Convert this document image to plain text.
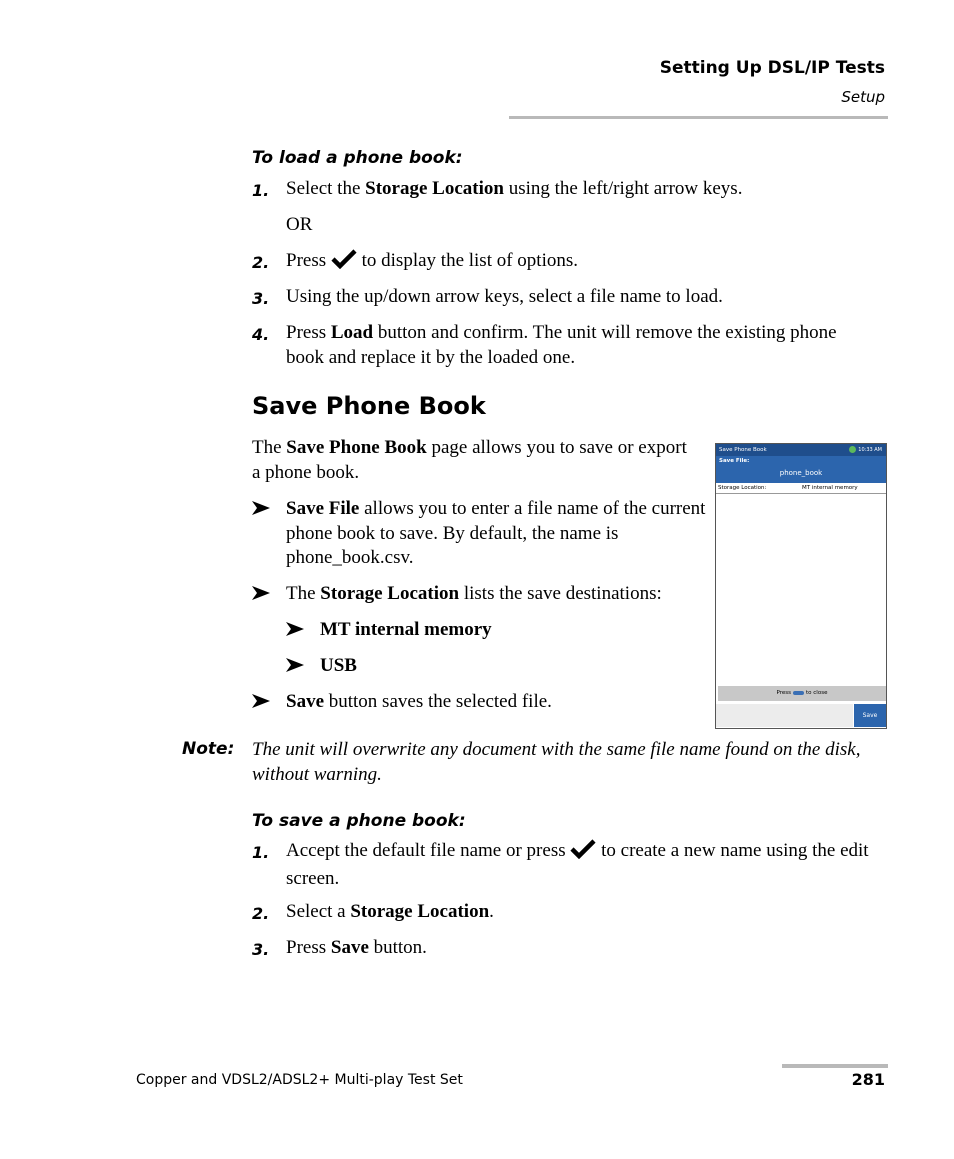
Setting Up DSL/IP Tests
Setup
To load a phone book:
1. Select the Storage Location using the left/right arrow keys.
OR
2. Press  to display the list of options.
3. Using the up/down arrow keys, select a file name to load.
4. Press Load button and confirm. The unit will remove the existing phone book and replace it by the loaded one.
Save Phone Book
The Save Phone Book page allows you to save or export a phone book.
Save File allows you to enter a file name of the current phone book to save. By default, the name is phone_book.csv.
The Storage Location lists the save destinations:
MT internal memory
USB
Save button saves the selected file.
Save Phone Book	10:33 AM
Save File:
phone_book
Storage Location:	MT internal memory
Press	to close
Save
Note: The unit will overwrite any document with the same file name found on the disk, without warning.
To save a phone book:
1. Accept the default file name or press  to create a new name using the edit screen.
2. Select a Storage Location.
3. Press Save button.
Copper and VDSL2/ADSL2+ Multi-play Test Set	281
